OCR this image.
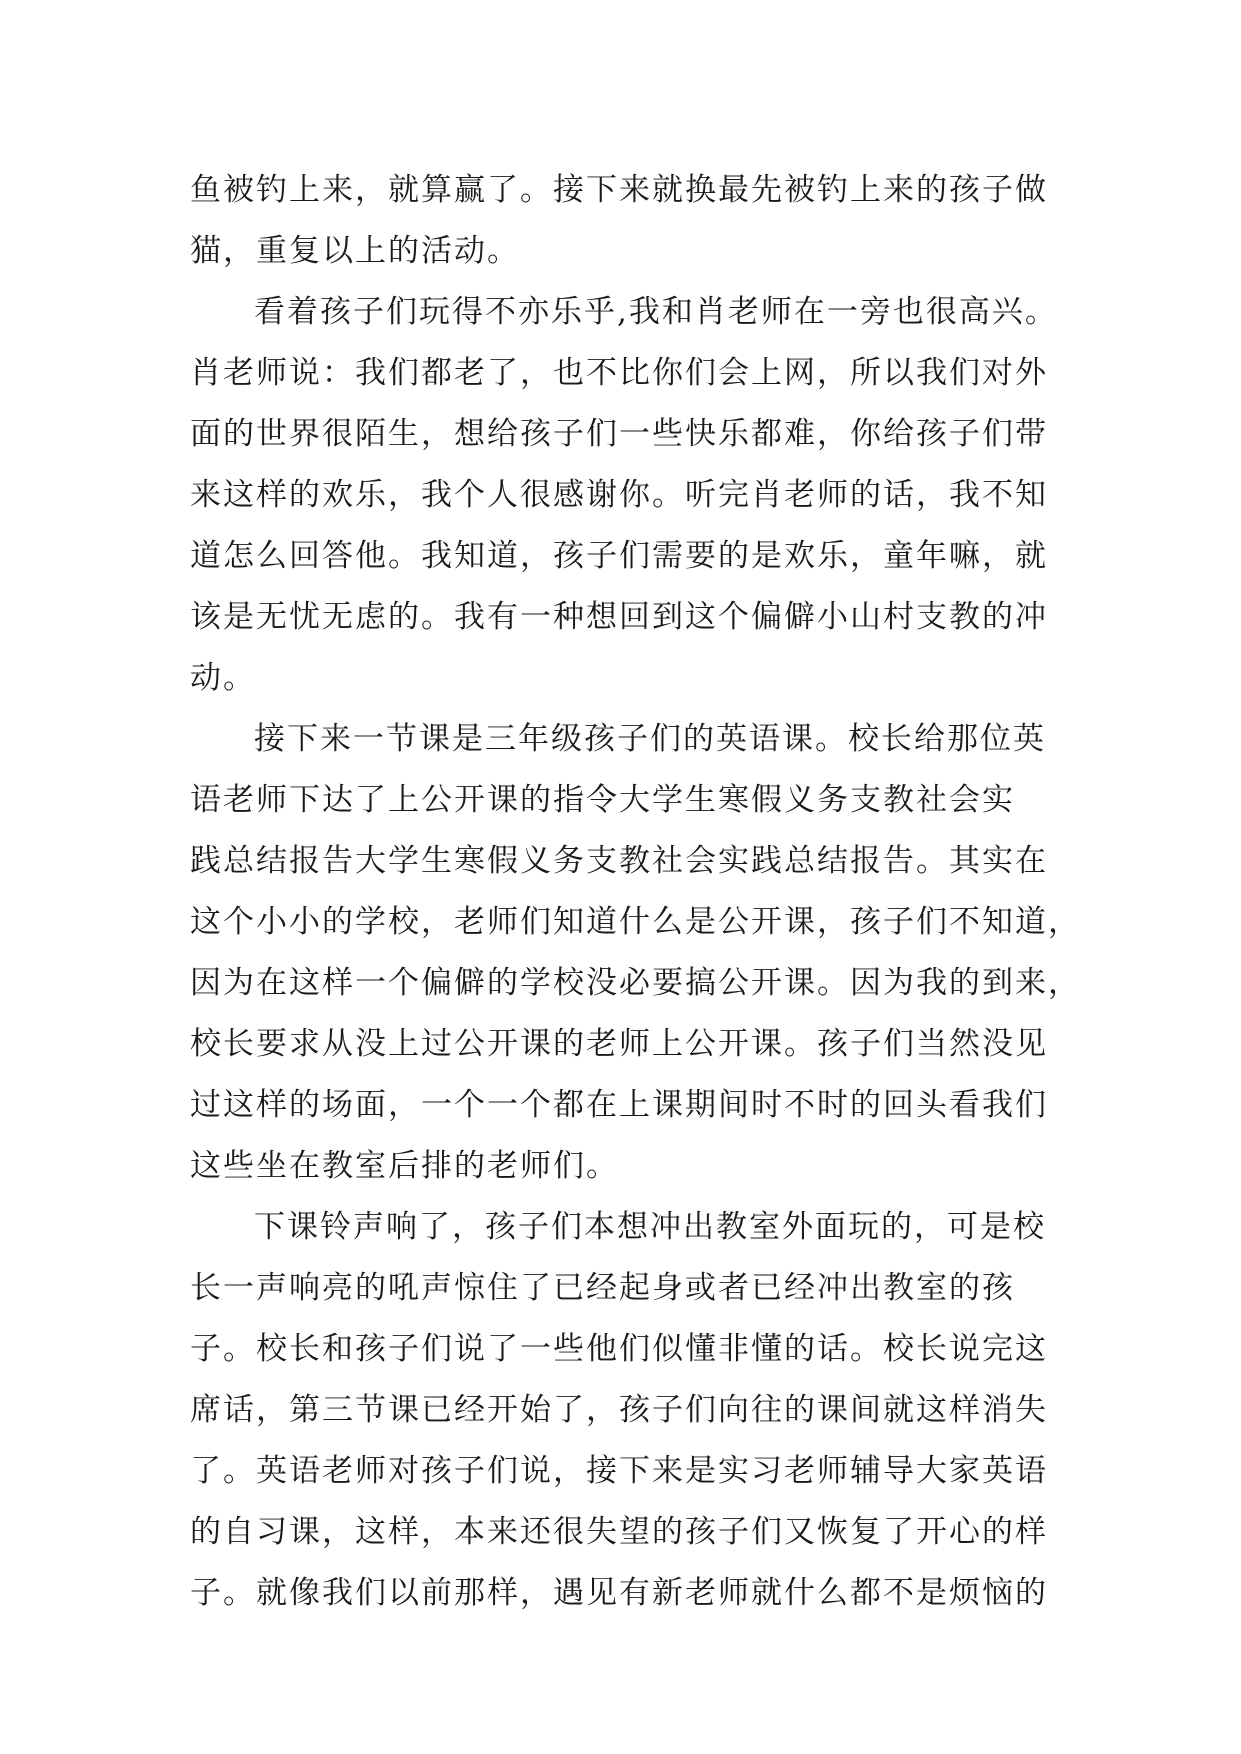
鱼被钓上来，就算赢了。接下来就换最先被钓上来的孩子做
猫，重复以上的活动。
看着孩子们玩得不亦乐乎,我和肖老师在一旁也很高兴。
肖老师说：我们都老了，也不比你们会上网，所以我们对外
面的世界很陌生，想给孩子们一些快乐都难，你给孩子们带
来这样的欢乐，我个人很感谢你。听完肖老师的话，我不知
道怎么回答他。我知道，孩子们需要的是欢乐，童年嘛，就
该是无忧无虑的。我有一种想回到这个偏僻小山村支教的冲
动。
接下来一节课是三年级孩子们的英语课。校长给那位英
语老师下达了上公开课的指令大学生寒假义务支教社会实
践总结报告大学生寒假义务支教社会实践总结报告。其实在
这个小小的学校，老师们知道什么是公开课，孩子们不知道，
因为在这样一个偏僻的学校没必要搞公开课。因为我的到来，
校长要求从没上过公开课的老师上公开课。孩子们当然没见
过这样的场面，一个一个都在上课期间时不时的回头看我们
这些坐在教室后排的老师们。
下课铃声响了，孩子们本想冲出教室外面玩的，可是校
长一声响亮的吼声惊住了已经起身或者已经冲出教室的孩
子。校长和孩子们说了一些他们似懂非懂的话。校长说完这
席话，第三节课已经开始了，孩子们向往的课间就这样消失
了。英语老师对孩子们说，接下来是实习老师辅导大家英语
的自习课，这样，本来还很失望的孩子们又恢复了开心的样
子。就像我们以前那样，遇见有新老师就什么都不是烦恼的
